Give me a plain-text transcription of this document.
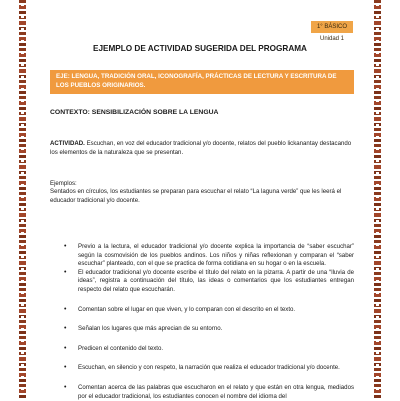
1° BÁSICO Unidad 1
EJEMPLO DE ACTIVIDAD SUGERIDA DEL PROGRAMA
EJE: LENGUA, TRADICIÓN ORAL, ICONOGRAFÍA, PRÁCTICAS DE LECTURA Y ESCRITURA DE LOS PUEBLOS ORIGINARIOS.
CONTEXTO: SENSIBILIZACIÓN SOBRE LA LENGUA

ACTIVIDAD. Escuchan, en voz del educador tradicional y/o docente, relatos del pueblo lickanantay destacando los elementos de la naturaleza que se presentan.

Ejemplos:

Sentados en círculos, los estudiantes se preparan para escuchar el relato “La laguna verde” que les leerá el educador tradicional y/o docente.

• Previo a la lectura, el educador tradicional y/o docente explica la importancia de “saber escuchar” según la cosmovisión de los pueblos andinos. Los niños y niñas reflexionan y comparan el “saber escuchar” planteado, con el que se practica de forma cotidiana en su hogar o en la escuela.
• El educador tradicional y/o docente escribe el título del relato en la pizarra. A partir de una “lluvia de ideas”, registra a continuación del título, las ideas o comentarios que los estudiantes entregan respecto del relato que escucharán.
• Comentan sobre el lugar en que viven, y lo comparan con el descrito en el texto.
• Señalan los lugares que más aprecian de su entorno.
• Predicen el contenido del texto.
• Escuchan, en silencio y con respeto, la narración que realiza el educador tradicional y/o docente.
• Comentan acerca de las palabras que escucharon en el relato y que están en otra lengua, mediados por el educador tradicional, los estudiantes conocen el nombre del idioma del
